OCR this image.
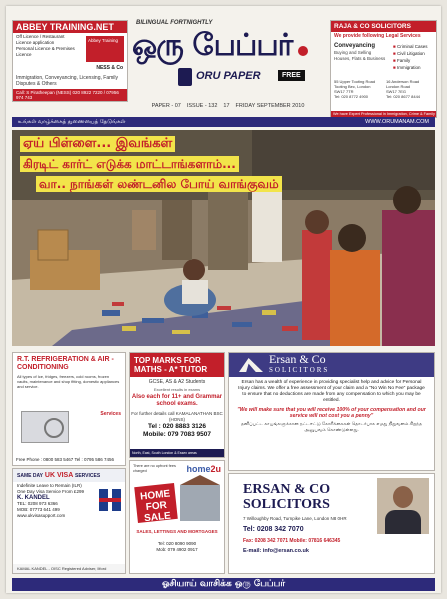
ABBEY TRAINING.NET
Off Licence / Restaurant
Licence application
Personal Licence & Premises Licence
Abbey Training
NESS & Co
Immigration, Conveyancing, Licensing, Family Disputes & Others
Call: S Piratheepan (NESS) 020 8922 7220 / 07956 974 743
BILINGUAL FORTNIGHTLY
ஒரு பேப்பர்
ORU PAPER	FREE
RAJA & CO SOLICITORS
We provide following Legal Services
Conveyancing
Buying and Selling Houses, Flats & Business
■ Criminal Cases
■ Civil Litigation
■ Family
■ Immigration
55 Upper Tooting Road
Tooting Bec, London
SW17 7TR
Tel: 020 8772 4900
16 Anderson Road
London Road
SW17 7EG
Tel: 020 8677 8444
We have Expert Professional in Immigration, Crime & Family
PAPER - 07 ISSUE - 132 17 FRIDAY SEPTEMBER 2010
உங்கள் வாழ்க்கைத் துணையைத் தேடுங்கள்	WWW.ORUMANAM.COM
ஏய் பிள்ளை... இவங்கள்
கிரடிட் கார்ட் எடுக்க மாட்டாங்களாம்...
வா.. நாங்கள் லண்டனில போய் வாங்குவம்
R.T. REFRIGERATION & AIR - CONDITIONING
All types of Ice, fridges, freezers, cold rooms, frozen vaults, maintenance and shop fitting, domestic appliances and service.
Services
Free Phone : 0800 583 5467 Tel : 0795 586 7456
SAME DAY UK VISA SERVICES
Indefinite Leave to Remain (ILR)
One Day Visa Service From £299
K. KANDEL
TEL: 0208 973 6366
MOB: 07773 641 499
www.ukvisasupport.com
KAMAL KANDEL - OISC Registered Adviser, Ilford
TOP MARKS FOR MATHS - A* TUTOR
GCSE, AS & A2 Students
Excellent results in exams
Also each for 11+ and Grammar school exams.
For further details call KAMALANATHAN BSC (HONS)
Tel : 020 8883 3126
Mobile: 079 7083 9507
North, East, South London & Essex areas
There are no upfront fees charged	home2u
HOME FOR SALE
SALES, LETTINGS AND MORTGAGES
Tel: 020 8090 9090
Mob: 079 4902 0917
Ersan & Co
SOLICITORS
Ersan has a wealth of experience in providing specialist help and advice for Personal Injury claims. We offer a free assessment of your claim and a "No Win No Fee" package to ensure that no deductions are made from any compensation to which you may be entitled.
"We will make sure that you will receive 100% of your compensation and our service will not cost you a penny"
தனிப்பட்ட காயங்களுக்கான நட்டஈட்டு கோரிக்கைகள் தொடர்பாக எமது நிறுவனம் சிறந்த அனுபவம் கொண்டுள்ளது.
ERSAN & CO SOLICITORS
7 Willoughby Road, Turnpike Lane, London N8 0HR
Tel: 0208 342 7070
Fax: 0208 342 7071 Mobile: 07816 646345
E-mail: info@ersan.co.uk
ஓசியாய் வாசிக்க ஒரு பேப்பர்
